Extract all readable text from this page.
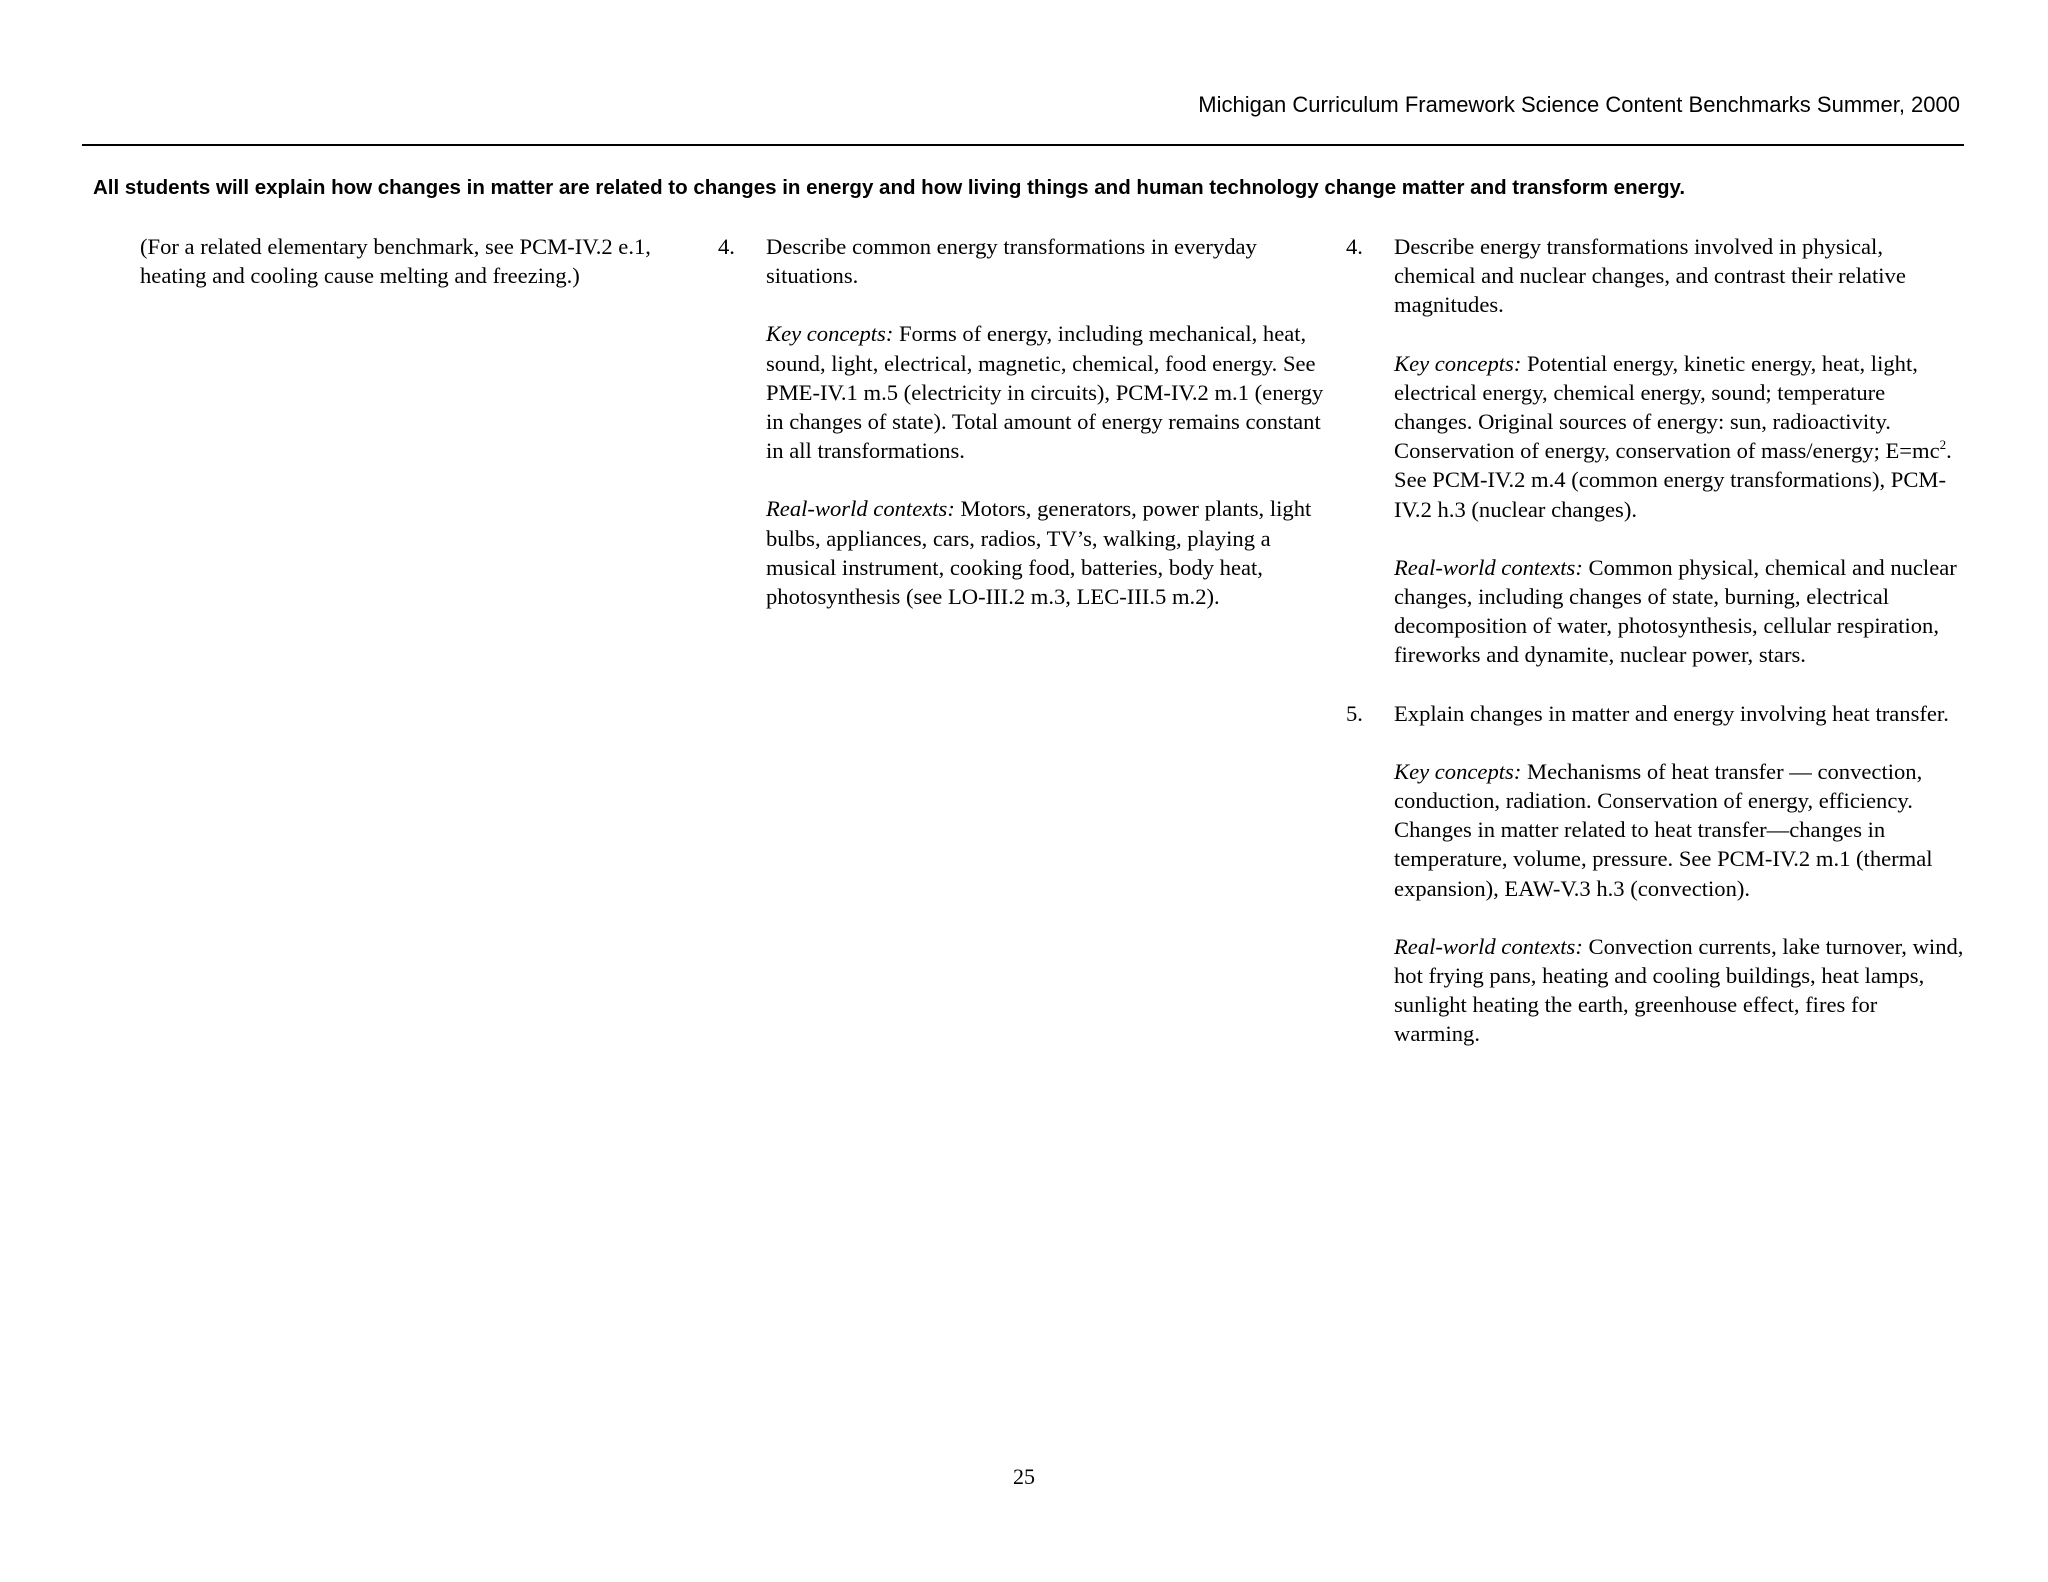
Michigan Curriculum Framework Science Content Benchmarks Summer, 2000
All students will explain how changes in matter are related to changes in energy and how living things and human technology change matter and transform energy.
(For a related elementary benchmark, see PCM-IV.2 e.1, heating and cooling cause melting and freezing.)
4. Describe common energy transformations in everyday situations.
Key concepts: Forms of energy, including mechanical, heat, sound, light, electrical, magnetic, chemical, food energy. See PME-IV.1 m.5 (electricity in circuits), PCM-IV.2 m.1 (energy in changes of state). Total amount of energy remains constant in all transformations.
Real-world contexts: Motors, generators, power plants, light bulbs, appliances, cars, radios, TV’s, walking, playing a musical instrument, cooking food, batteries, body heat, photosynthesis (see LO-III.2 m.3, LEC-III.5 m.2).
4. Describe energy transformations involved in physical, chemical and nuclear changes, and contrast their relative magnitudes.
Key concepts: Potential energy, kinetic energy, heat, light, electrical energy, chemical energy, sound; temperature changes. Original sources of energy: sun, radioactivity. Conservation of energy, conservation of mass/energy; $E=mc^2$. See PCM-IV.2 m.4 (common energy transformations), PCM-IV.2 h.3 (nuclear changes).
Real-world contexts: Common physical, chemical and nuclear changes, including changes of state, burning, electrical decomposition of water, photosynthesis, cellular respiration, fireworks and dynamite, nuclear power, stars.
5. Explain changes in matter and energy involving heat transfer.
Key concepts: Mechanisms of heat transfer — convection, conduction, radiation. Conservation of energy, efficiency. Changes in matter related to heat transfer—changes in temperature, volume, pressure. See PCM-IV.2 m.1 (thermal expansion), EAW-V.3 h.3 (convection).
Real-world contexts: Convection currents, lake turnover, wind, hot frying pans, heating and cooling buildings, heat lamps, sunlight heating the earth, greenhouse effect, fires for warming.
25
